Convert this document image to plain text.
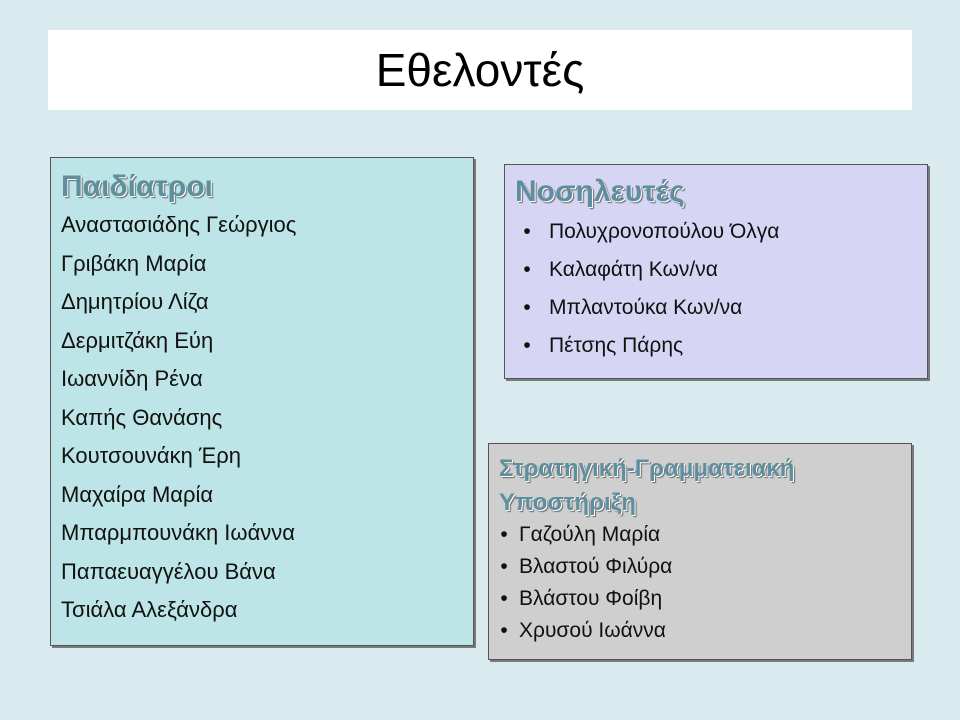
Εθελοντές
Παιδίατροι
Αναστασιάδης Γεώργιος
Γριβάκη Μαρία
Δημητρίου Λίζα
Δερμιτζάκη Εύη
Ιωαννίδη Ρένα
Καπής Θανάσης
Κουτσουνάκη Έρη
Μαχαίρα Μαρία
Μπαρμπουνάκη Ιωάννα
Παπαευαγγέλου Βάνα
Τσιάλα Αλεξάνδρα
Νοσηλευτές
• Πολυχρονοπούλου Όλγα
• Καλαφάτη Κων/να
• Μπλαντούκα Κων/να
• Πέτσης Πάρης
Στρατηγική-Γραμματειακή
Υποστήριξη
• Γαζούλη Μαρία
• Βλαστού Φιλύρα
• Βλάστου Φοίβη
• Χρυσού Ιωάννα
